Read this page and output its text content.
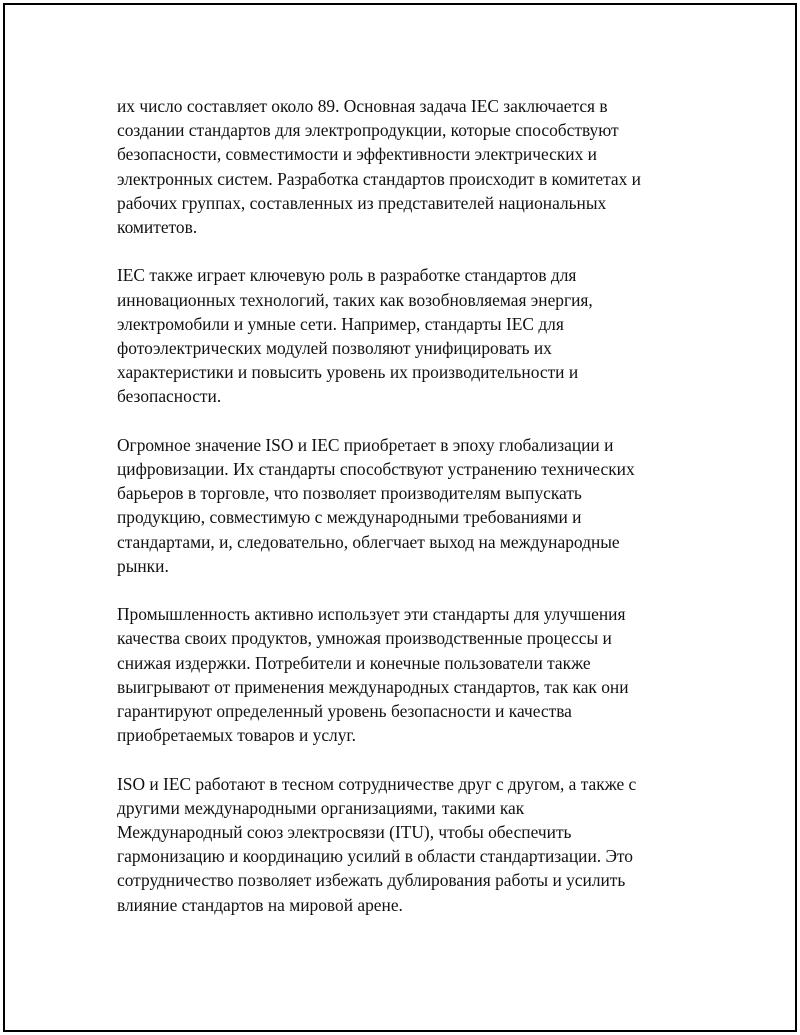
их число составляет около 89. Основная задача IEC заключается в
создании стандартов для электропродукции, которые способствуют
безопасности, совместимости и эффективности электрических и
электронных систем. Разработка стандартов происходит в комитетах и
рабочих группах, составленных из представителей национальных
комитетов.

IEC также играет ключевую роль в разработке стандартов для
инновационных технологий, таких как возобновляемая энергия,
электромобили и умные сети. Например, стандарты IEC для
фотоэлектрических модулей позволяют унифицировать их
характеристики и повысить уровень их производительности и
безопасности.

Огромное значение ISO и IEC приобретает в эпоху глобализации и
цифровизации. Их стандарты способствуют устранению технических
барьеров в торговле, что позволяет производителям выпускать
продукцию, совместимую с международными требованиями и
стандартами, и, следовательно, облегчает выход на международные
рынки.

Промышленность активно использует эти стандарты для улучшения
качества своих продуктов, умножая производственные процессы и
снижая издержки. Потребители и конечные пользователи также
выигрывают от применения международных стандартов, так как они
гарантируют определенный уровень безопасности и качества
приобретаемых товаров и услуг.

ISO и IEC работают в тесном сотрудничестве друг с другом, а также с
другими международными организациями, такими как
Международный союз электросвязи (ITU), чтобы обеспечить
гармонизацию и координацию усилий в области стандартизации. Это
сотрудничество позволяет избежать дублирования работы и усилить
влияние стандартов на мировой арене.
